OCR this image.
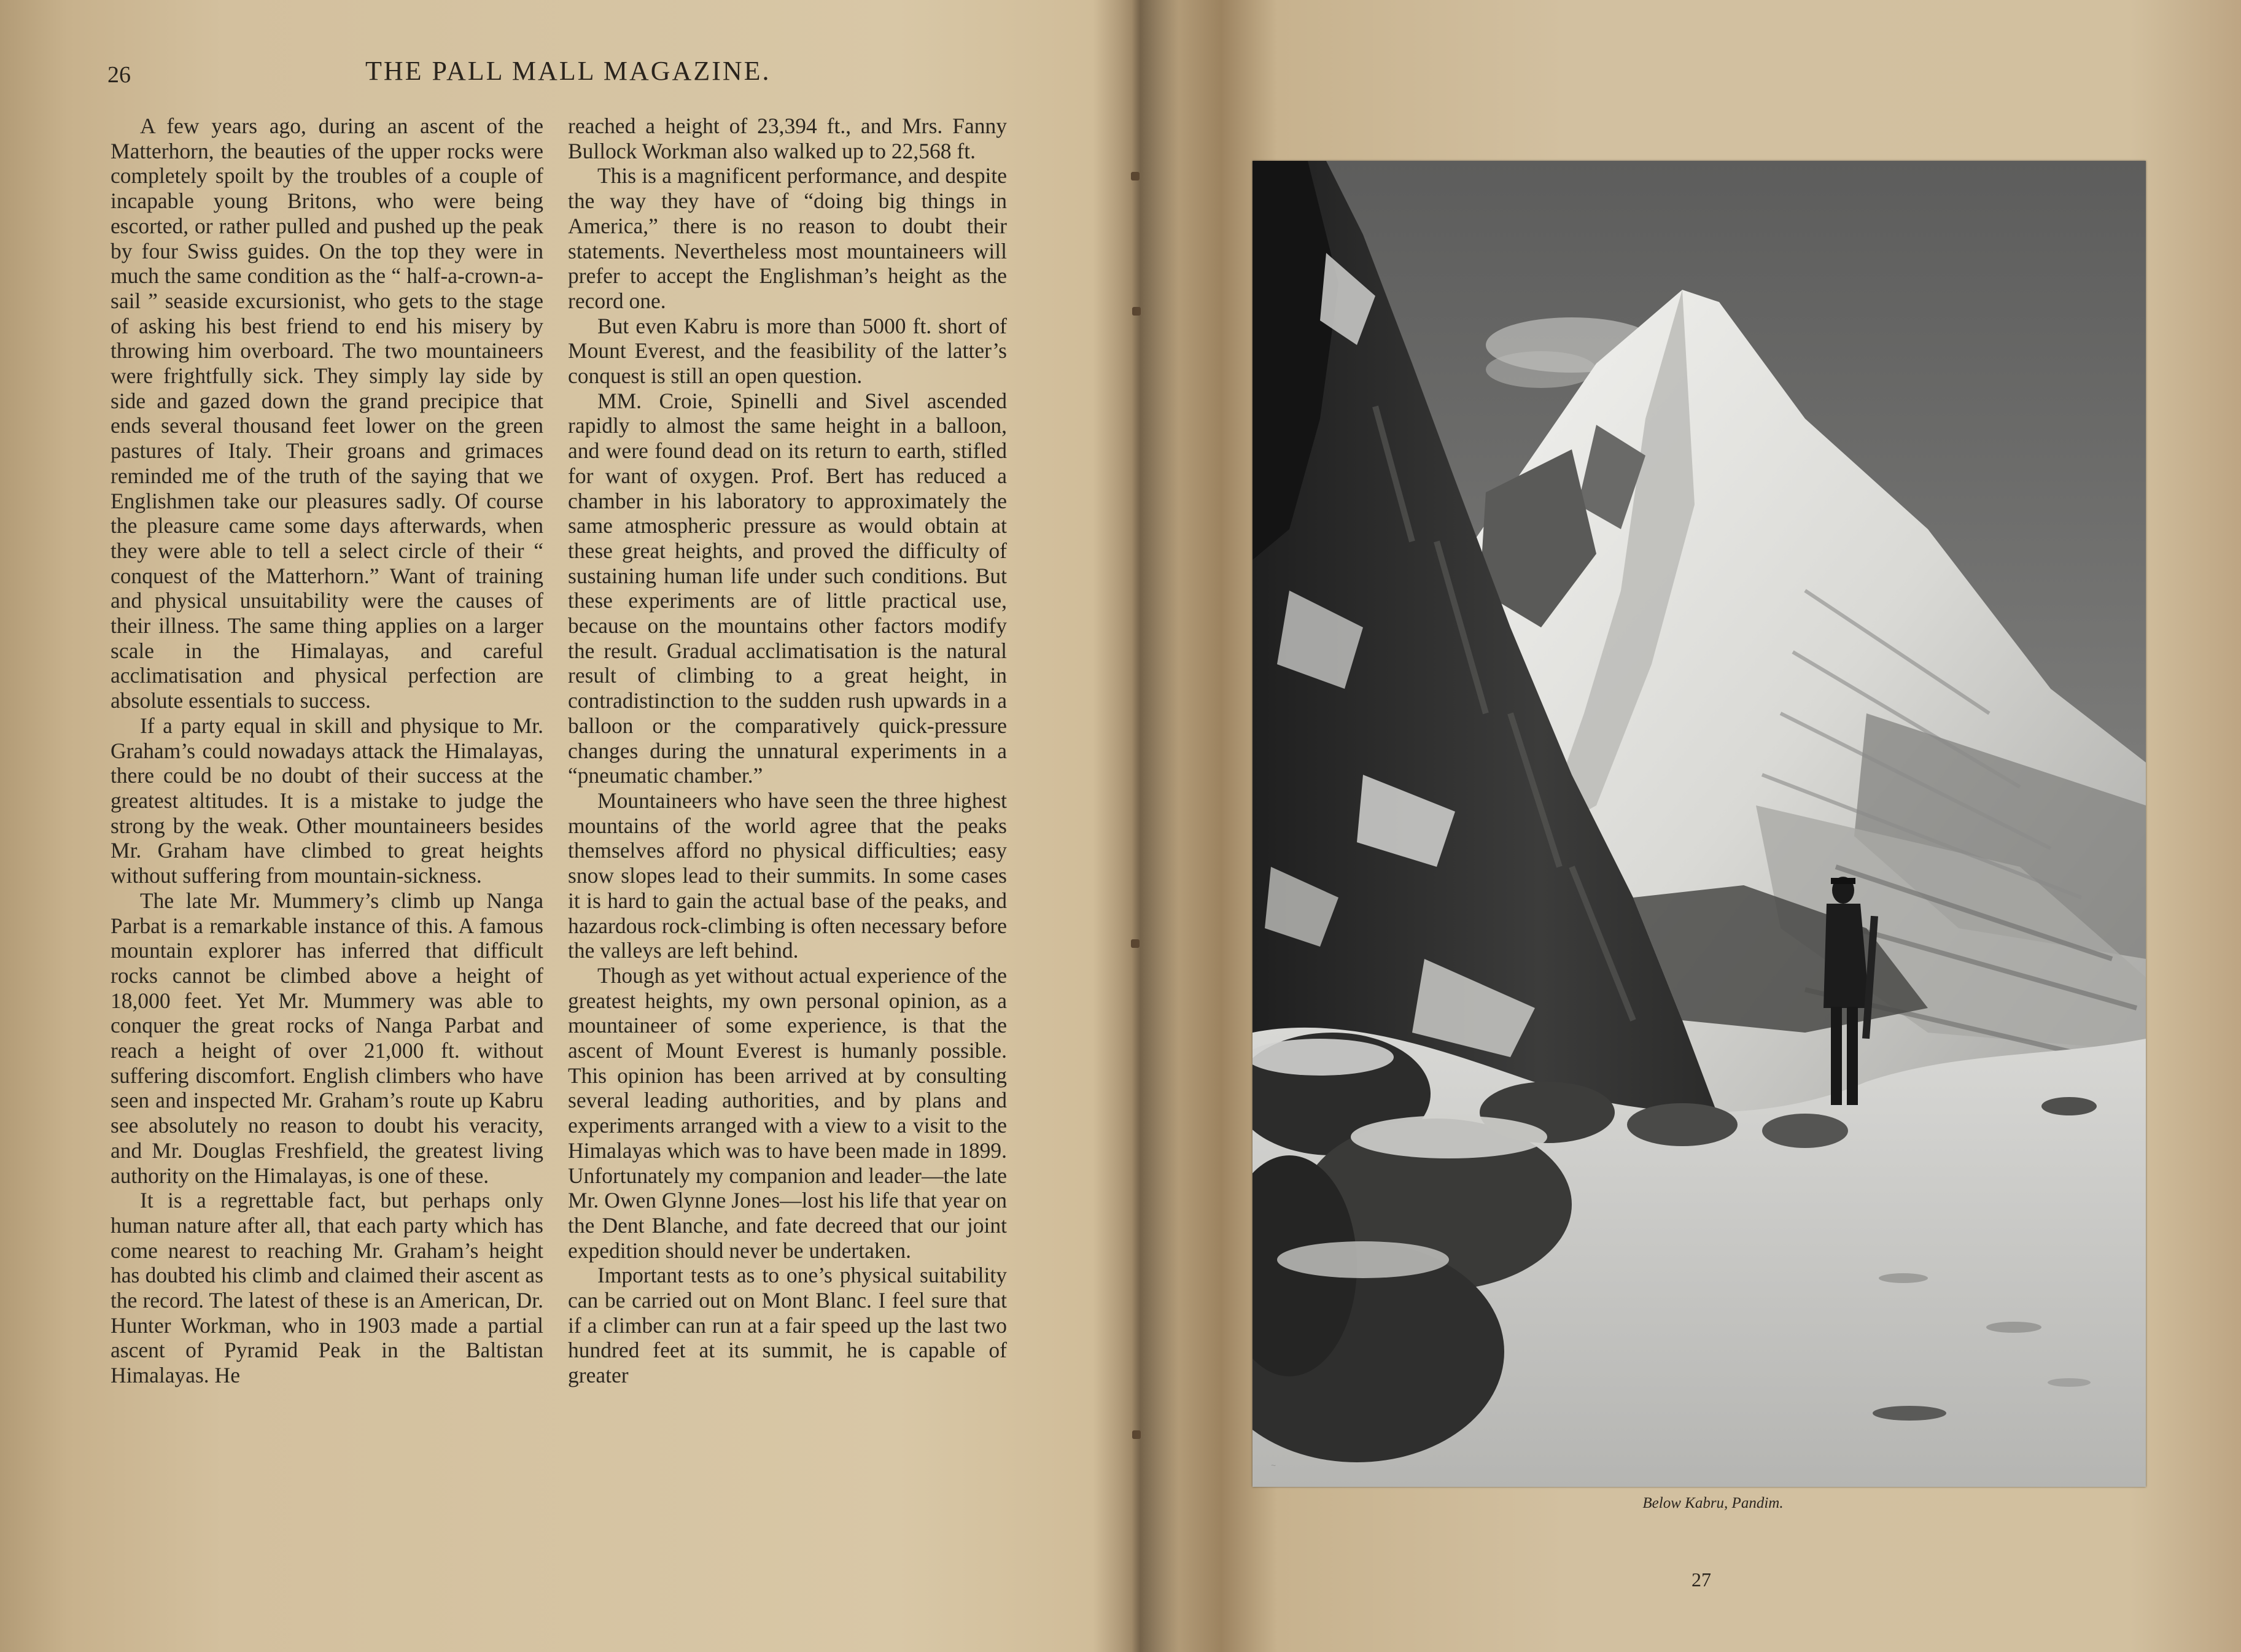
26	THE PALL MALL MAGAZINE.

A few years ago, during an ascent of the Matterhorn, the beauties of the upper rocks were completely spoilt by the troubles of a couple of incapable young Britons, who were being escorted, or rather pulled and pushed up the peak by four Swiss guides. On the top they were in much the same condition as the “ half-a-crown-a-sail ” seaside excursionist, who gets to the stage of asking his best friend to end his misery by throwing him overboard. The two mountaineers were frightfully sick. They simply lay side by side and gazed down the grand precipice that ends several thousand feet lower on the green pastures of Italy. Their groans and grimaces reminded me of the truth of the saying that we Englishmen take our pleasures sadly. Of course the pleasure came some days afterwards, when they were able to tell a select circle of their “ conquest of the Matterhorn.” Want of training and physical unsuitability were the causes of their illness. The same thing applies on a larger scale in the Himalayas, and careful acclimatisation and physical perfection are absolute essentials to success.

If a party equal in skill and physique to Mr. Graham’s could nowadays attack the Himalayas, there could be no doubt of their success at the greatest altitudes. It is a mistake to judge the strong by the weak. Other mountaineers besides Mr. Graham have climbed to great heights without suffering from mountain-sickness.

The late Mr. Mummery’s climb up Nanga Parbat is a remarkable instance of this. A famous mountain explorer has inferred that difficult rocks cannot be climbed above a height of 18,000 feet. Yet Mr. Mummery was able to conquer the great rocks of Nanga Parbat and reach a height of over 21,000 ft. without suffering discomfort. English climbers who have seen and inspected Mr. Graham’s route up Kabru see absolutely no reason to doubt his veracity, and Mr. Douglas Freshfield, the greatest living authority on the Himalayas, is one of these.

It is a regrettable fact, but perhaps only human nature after all, that each party which has come nearest to reaching Mr. Graham’s height has doubted his climb and claimed their ascent as the record. The latest of these is an American, Dr. Hunter Workman, who in 1903 made a partial ascent of Pyramid Peak in the Baltistan Himalayas. He

reached a height of 23,394 ft., and Mrs. Fanny Bullock Workman also walked up to 22,568 ft.

This is a magnificent performance, and despite the way they have of “doing big things in America,” there is no reason to doubt their statements. Nevertheless most mountaineers will prefer to accept the Englishman’s height as the record one.

But even Kabru is more than 5000 ft. short of Mount Everest, and the feasibility of the latter’s conquest is still an open question.

MM. Croie, Spinelli and Sivel ascended rapidly to almost the same height in a balloon, and were found dead on its return to earth, stifled for want of oxygen. Prof. Bert has reduced a chamber in his laboratory to approximately the same atmospheric pressure as would obtain at these great heights, and proved the difficulty of sustaining human life under such conditions. But these experiments are of little practical use, because on the mountains other factors modify the result. Gradual acclimatisation is the natural result of climbing to a great height, in contradistinction to the sudden rush upwards in a balloon or the comparatively quick-pressure changes during the unnatural experiments in a “pneumatic chamber.”

Mountaineers who have seen the three highest mountains of the world agree that the peaks themselves afford no physical difficulties; easy snow slopes lead to their summits. In some cases it is hard to gain the actual base of the peaks, and hazardous rock-climbing is often necessary before the valleys are left behind.

Though as yet without actual experience of the greatest heights, my own personal opinion, as a mountaineer of some experience, is that the ascent of Mount Everest is humanly possible. This opinion has been arrived at by consulting several leading authorities, and by plans and experiments arranged with a view to a visit to the Himalayas which was to have been made in 1899. Unfortunately my companion and leader—the late Mr. Owen Glynne Jones—lost his life that year on the Dent Blanche, and fate decreed that our joint expedition should never be undertaken.

Important tests as to one’s physical suitability can be carried out on Mont Blanc. I feel sure that if a climber can run at a fair speed up the last two hundred feet at its summit, he is capable of greater

~
Below Kabru, Pandim.
27
